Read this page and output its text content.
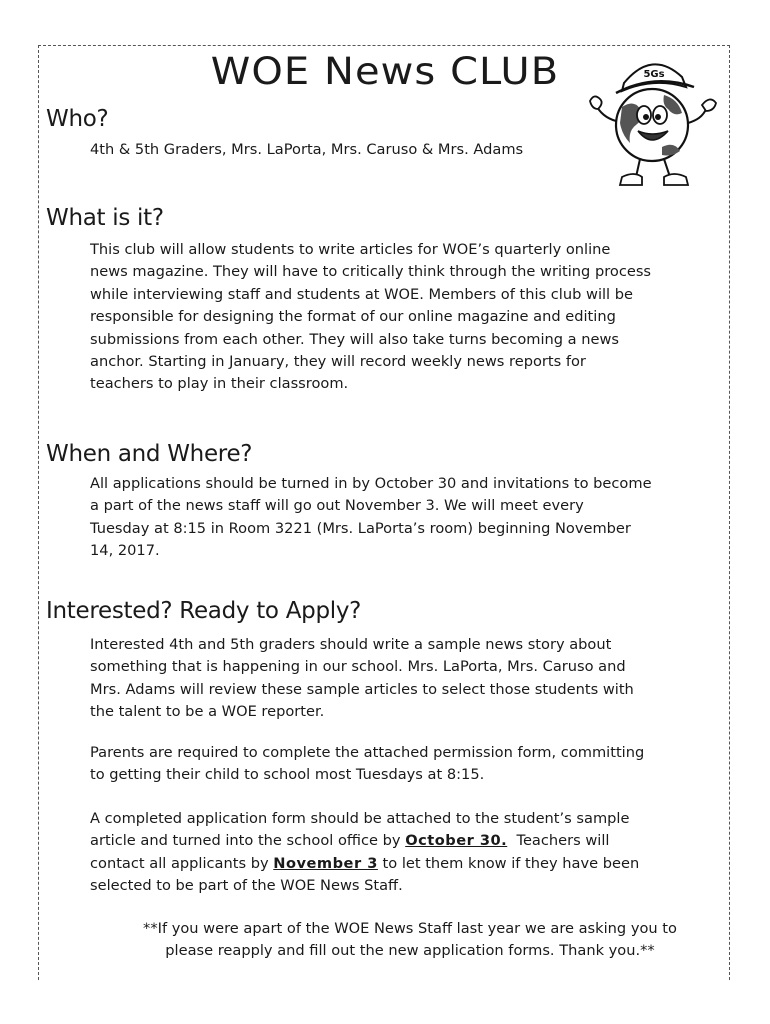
WOE News CLUB	5Gs
Who?

4th & 5th Graders, Mrs. LaPorta, Mrs. Caruso & Mrs. Adams

What is it?

This club will allow students to write articles for WOE’s quarterly online
news magazine. They will have to critically think through the writing process
while interviewing staff and students at WOE. Members of this club will be
responsible for designing the format of our online magazine and editing
submissions from each other. They will also take turns becoming a news
anchor. Starting in January, they will record weekly news reports for
teachers to play in their classroom.

When and Where?

All applications should be turned in by October 30 and invitations to become
a part of the news staff will go out November 3. We will meet every
Tuesday at 8:15 in Room 3221 (Mrs. LaPorta’s room) beginning November
14, 2017.

Interested? Ready to Apply?

Interested 4th and 5th graders should write a sample news story about
something that is happening in our school. Mrs. LaPorta, Mrs. Caruso and
Mrs. Adams will review these sample articles to select those students with
the talent to be a WOE reporter.

Parents are required to complete the attached permission form, committing
to getting their child to school most Tuesdays at 8:15.

A completed application form should be attached to the student’s sample
article and turned into the school office by October 30.  Teachers will
contact all applicants by November 3 to let them know if they have been
selected to be part of the WOE News Staff.

**If you were apart of the WOE News Staff last year we are asking you to
please reapply and fill out the new application forms. Thank you.**
